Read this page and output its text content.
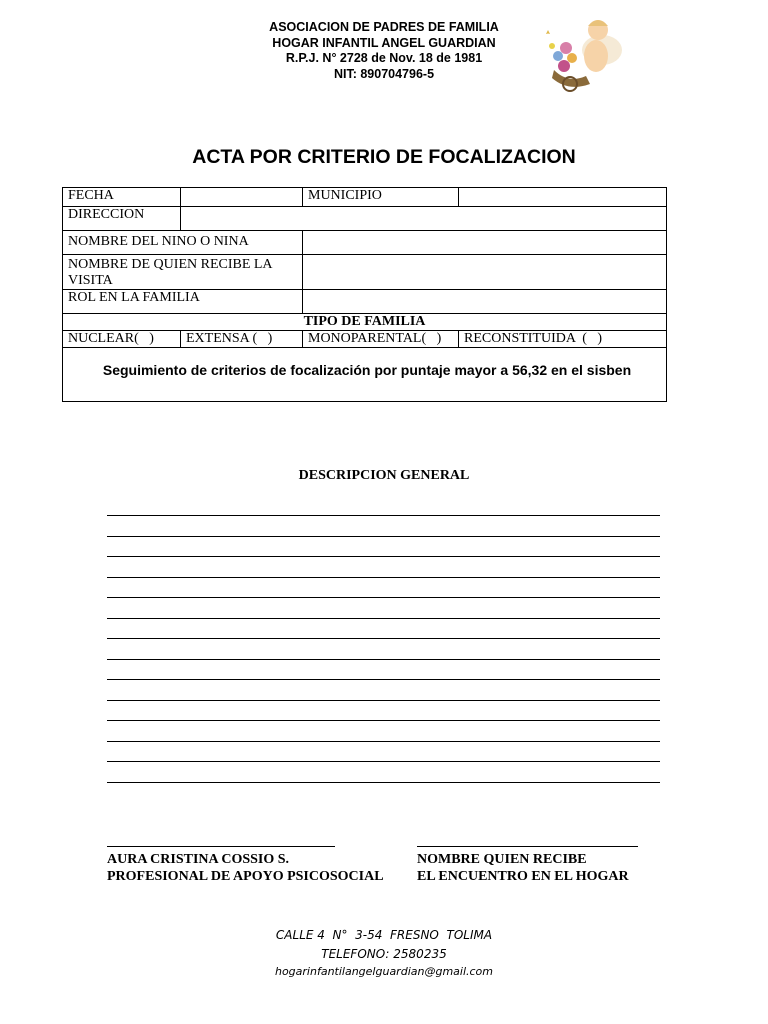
ASOCIACION DE PADRES DE FAMILIA
HOGAR INFANTIL ANGEL GUARDIAN
R.P.J. N° 2728 de Nov. 18 de 1981
NIT: 890704796-5
ACTA POR CRITERIO DE FOCALIZACION
FECHA		MUNICIPIO	
DIRECCION			
NOMBRE DEL NINO O NINA			
NOMBRE DE QUIEN RECIBE LA VISITA			
ROL EN LA FAMILIA			
TIPO DE FAMILIA			
NUCLEAR(   )	EXTENSA (   )	MONOPARENTAL(   )	RECONSTITUIDA  (   )
Seguimiento de criterios de focalización por puntaje mayor a 56,32 en el sisben			
DESCRIPCION GENERAL
AURA CRISTINA COSSIO S.
PROFESIONAL DE APOYO PSICOSOCIAL
NOMBRE QUIEN RECIBE
EL ENCUENTRO EN EL HOGAR
CALLE 4  N°  3-54  FRESNO  TOLIMA
TELEFONO: 2580235
hogarinfantilangelguardian@gmail.com
